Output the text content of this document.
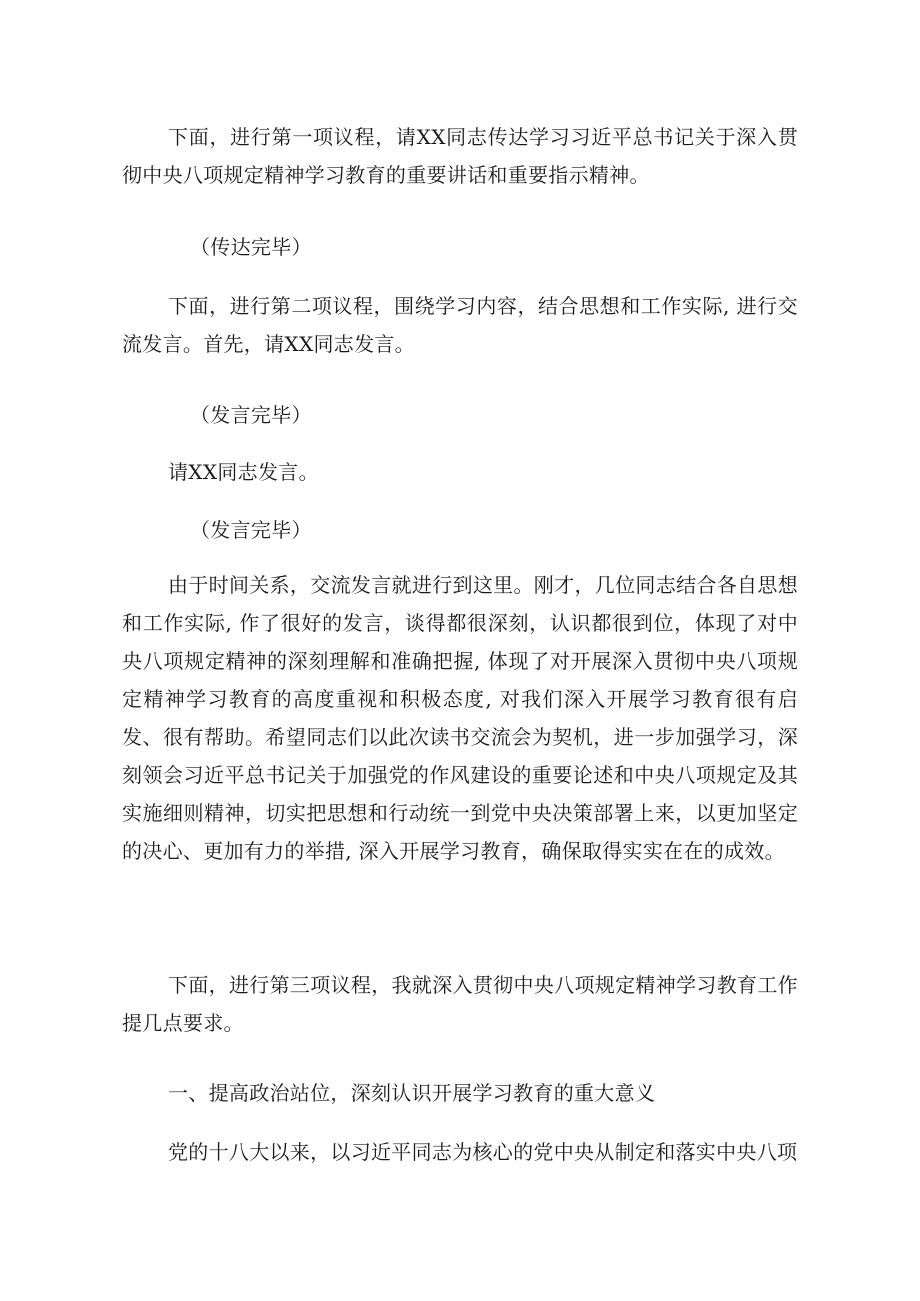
下面，进行第一项议程，请XX同志传达学习习近平总书记关于深入贯彻中央八项规定精神学习教育的重要讲话和重要指示精神。

（传达完毕）

下面，进行第二项议程，围绕学习内容，结合思想和工作实际, 进行交流发言。首先，请XX同志发言。

（发言完毕）

请XX同志发言。

（发言完毕）

由于时间关系，交流发言就进行到这里。刚才，几位同志结合各自思想和工作实际, 作了很好的发言，谈得都很深刻，认识都很到位，体现了对中央八项规定精神的深刻理解和准确把握, 体现了对开展深入贯彻中央八项规定精神学习教育的高度重视和积极态度, 对我们深入开展学习教育很有启发、很有帮助。希望同志们以此次读书交流会为契机，进一步加强学习，深刻领会习近平总书记关于加强党的作风建设的重要论述和中央八项规定及其实施细则精神，切实把思想和行动统一到党中央决策部署上来，以更加坚定的决心、更加有力的举措, 深入开展学习教育，确保取得实实在在的成效。

下面，进行第三项议程，我就深入贯彻中央八项规定精神学习教育工作提几点要求。

一、提高政治站位，深刻认识开展学习教育的重大意义

党的十八大以来，以习近平同志为核心的党中央从制定和落实中央八项
